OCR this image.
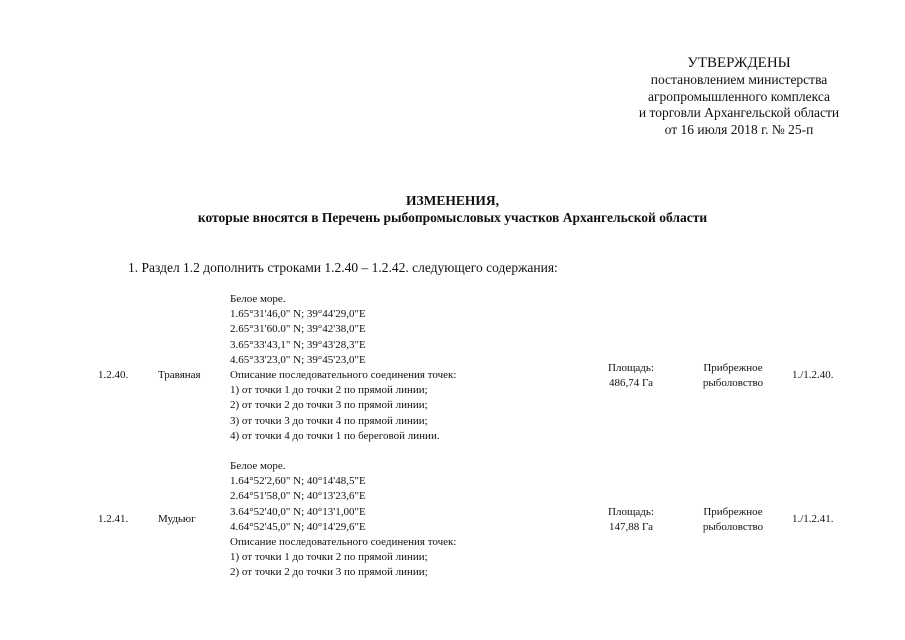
УТВЕРЖДЕНЫ
постановлением министерства
агропромышленного комплекса
и торговли Архангельской области
от 16 июля 2018 г. № 25-п
ИЗМЕНЕНИЯ,
которые вносятся в Перечень рыбопромысловых участков Архангельской области
1. Раздел 1.2 дополнить строками 1.2.40 – 1.2.42. следующего содержания:
1.2.40.	Травяная
Белое море.
1.65°31'46,0" N; 39°44'29,0"E
2.65°31'60.0" N; 39°42'38,0"E
3.65°33'43,1" N; 39°43'28,3"E
4.65°33'23,0" N; 39°45'23,0"E
Описание последовательного соединения точек:
1) от точки 1 до точки 2 по прямой линии;
2) от точки 2 до точки 3 по прямой линии;
3) от точки 3 до точки 4 по прямой линии;
4) от точки 4 до точки 1 по береговой линии.
Площадь:
486,74 Га
Прибрежное
рыболовство
1./1.2.40.
1.2.41.	Мудьюг
Белое море.
1.64°52'2,60" N; 40°14'48,5"E
2.64°51'58,0" N; 40°13'23,6"E
3.64°52'40,0" N; 40°13'1,00"E
4.64°52'45,0" N; 40°14'29,6"E
Описание последовательного соединения точек:
1) от точки 1 до точки 2 по прямой линии;
2) от точки 2 до точки 3 по прямой линии;
Площадь:
147,88 Га
Прибрежное
рыболовство
1./1.2.41.
